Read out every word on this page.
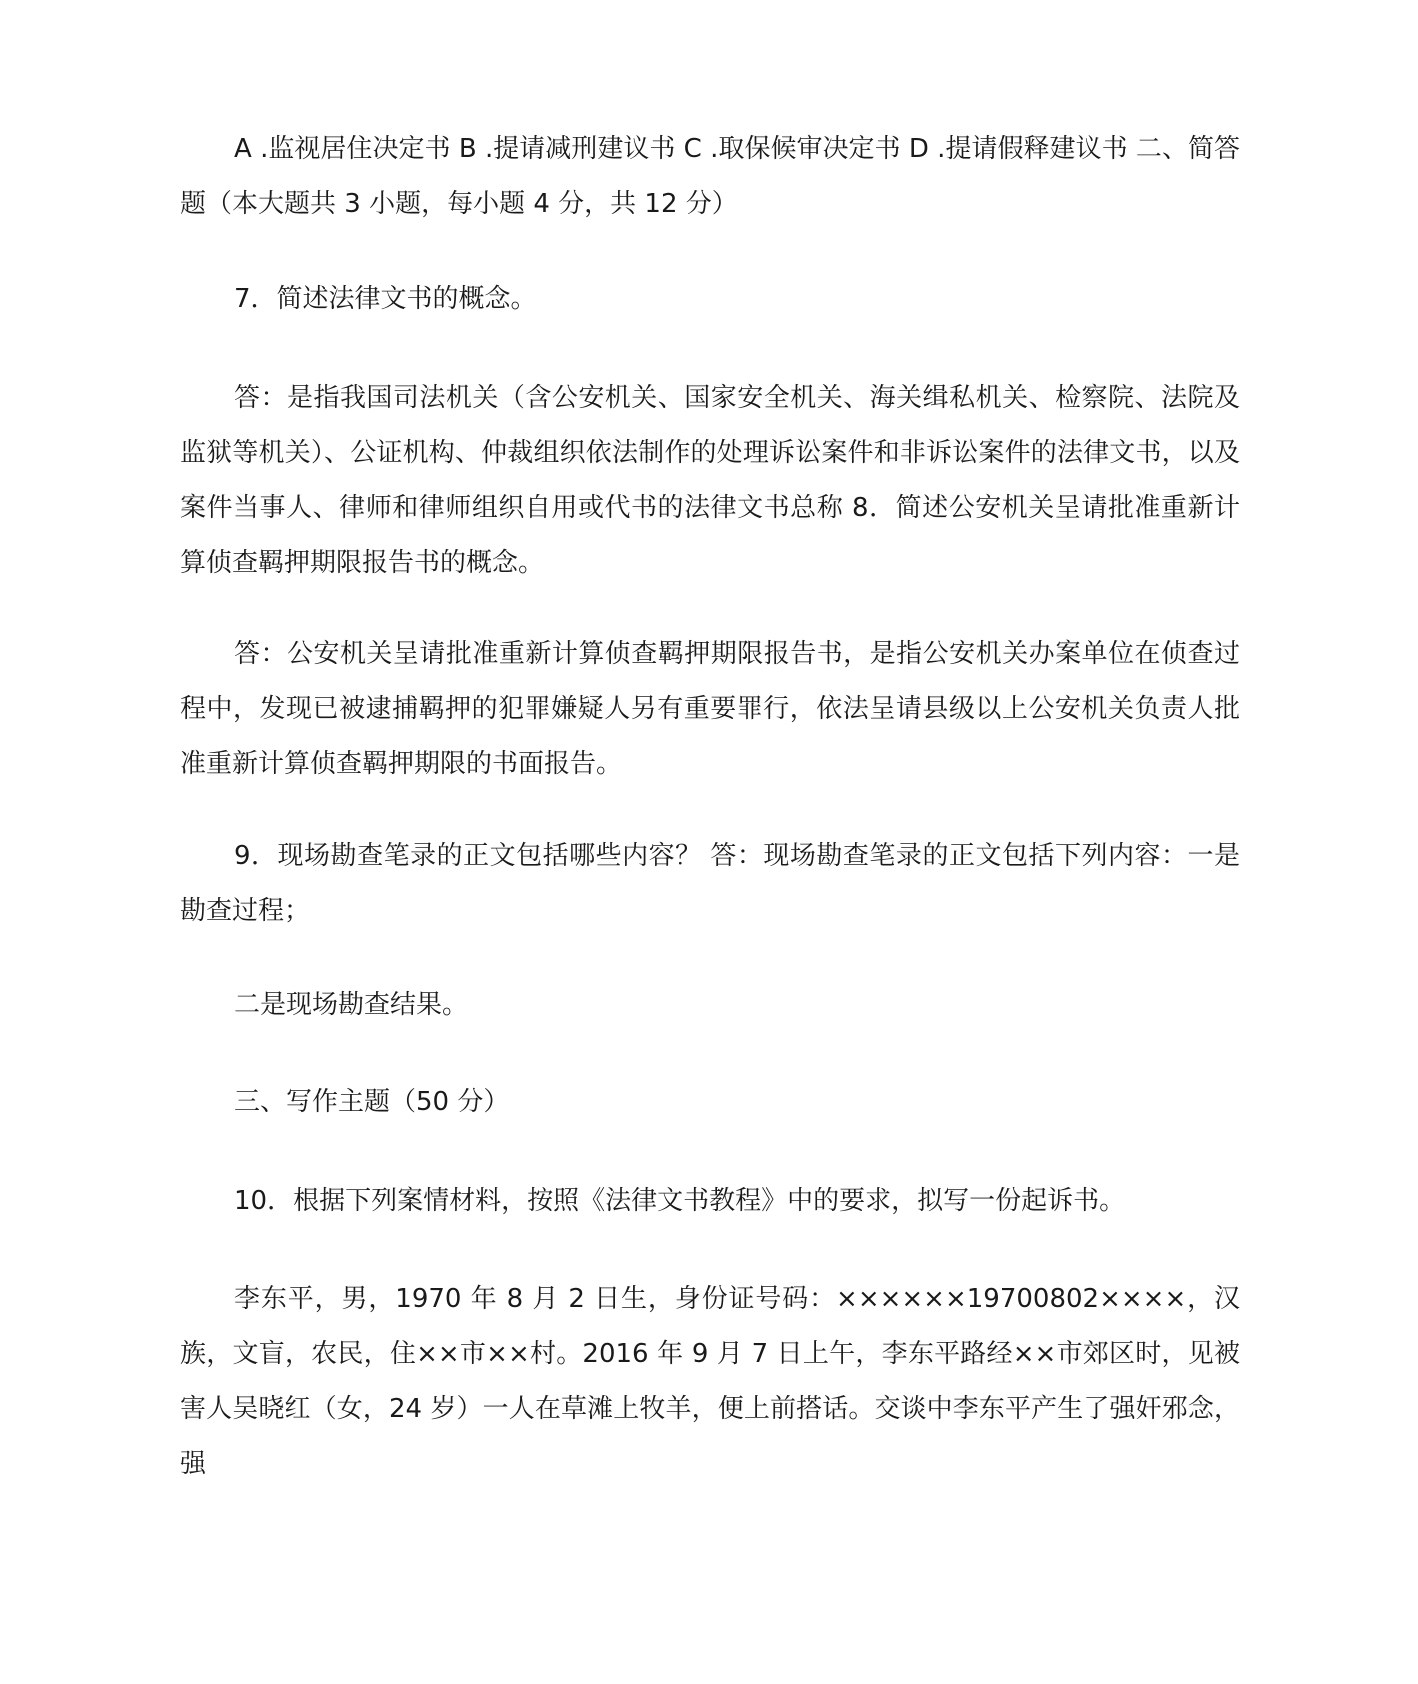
A .监视居住决定书 B .提请减刑建议书 C .取保候审决定书 D .提请假释建议书 二、简答题（本大题共 3 小题，每小题 4 分，共 12 分）

7．简述法律文书的概念。

答：是指我国司法机关（含公安机关、国家安全机关、海关缉私机关、检察院、法院及监狱等机关）、公证机构、仲裁组织依法制作的处理诉讼案件和非诉讼案件的法律文书，以及案件当事人、律师和律师组织自用或代书的法律文书总称 8．简述公安机关呈请批准重新计算侦查羁押期限报告书的概念。

答：公安机关呈请批准重新计算侦查羁押期限报告书，是指公安机关办案单位在侦查过程中，发现已被逮捕羁押的犯罪嫌疑人另有重要罪行，依法呈请县级以上公安机关负责人批准重新计算侦查羁押期限的书面报告。

9．现场勘查笔录的正文包括哪些内容？ 答：现场勘查笔录的正文包括下列内容：一是勘查过程；

二是现场勘查结果。

三、写作主题（50 分）

10．根据下列案情材料，按照《法律文书教程》中的要求，拟写一份起诉书。

李东平，男，1970 年 8 月 2 日生，身份证号码：××××××19700802××××，汉族，文盲，农民，住××市××村。2016 年 9 月 7 日上午，李东平路经××市郊区时，见被害人吴晓红（女，24 岁）一人在草滩上牧羊，便上前搭话。交谈中李东平产生了强奸邪念，强
